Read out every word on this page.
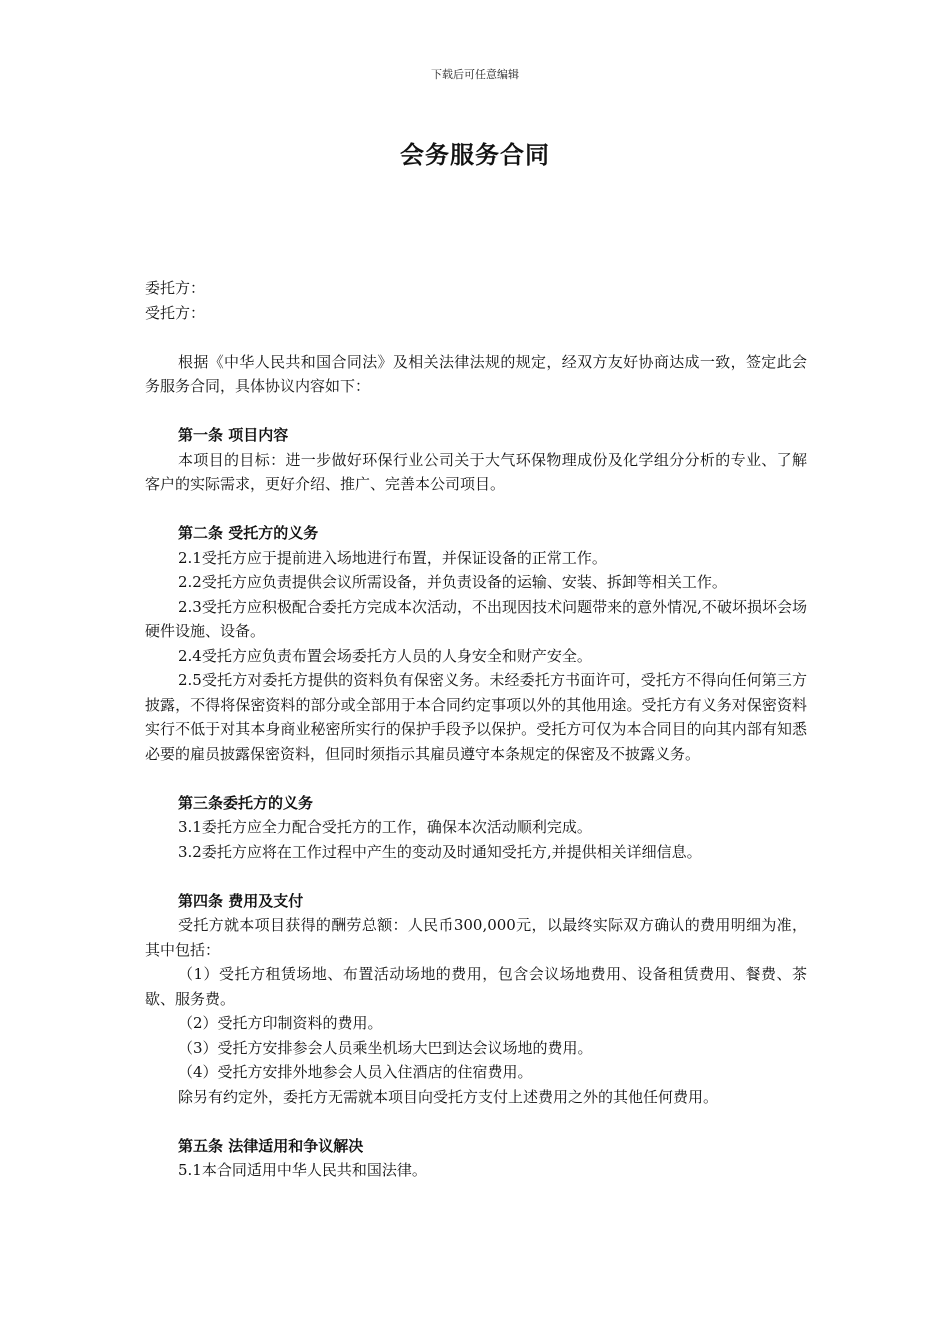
下载后可任意编辑
会务服务合同

委托方：

受托方：

根据《中华人民共和国合同法》及相关法律法规的规定，经双方友好协商达成一致，签定此会务服务合同，具体协议内容如下：

第一条 项目内容

本项目的目标：进一步做好环保行业公司关于大气环保物理成份及化学组分分析的专业、了解客户的实际需求，更好介绍、推广、完善本公司项目。

第二条 受托方的义务

2.1受托方应于提前进入场地进行布置，并保证设备的正常工作。

2.2受托方应负责提供会议所需设备，并负责设备的运输、安装、拆卸等相关工作。

2.3受托方应积极配合委托方完成本次活动，不出现因技术问题带来的意外情况,不破坏损坏会场硬件设施、设备。

2.4受托方应负责布置会场委托方人员的人身安全和财产安全。

2.5受托方对委托方提供的资料负有保密义务。未经委托方书面许可，受托方不得向任何第三方披露，不得将保密资料的部分或全部用于本合同约定事项以外的其他用途。受托方有义务对保密资料实行不低于对其本身商业秘密所实行的保护手段予以保护。受托方可仅为本合同目的向其内部有知悉必要的雇员披露保密资料，但同时须指示其雇员遵守本条规定的保密及不披露义务。

第三条委托方的义务

3.1委托方应全力配合受托方的工作，确保本次活动顺利完成。

3.2委托方应将在工作过程中产生的变动及时通知受托方,并提供相关详细信息。

第四条 费用及支付

受托方就本项目获得的酬劳总额：人民币300,000元，以最终实际双方确认的费用明细为准，其中包括：

（1）受托方租赁场地、布置活动场地的费用，包含会议场地费用、设备租赁费用、餐费、茶歇、服务费。

（2）受托方印制资料的费用。

（3）受托方安排参会人员乘坐机场大巴到达会议场地的费用。

（4）受托方安排外地参会人员入住酒店的住宿费用。

除另有约定外，委托方无需就本项目向受托方支付上述费用之外的其他任何费用。

第五条 法律适用和争议解决

5.1本合同适用中华人民共和国法律。
